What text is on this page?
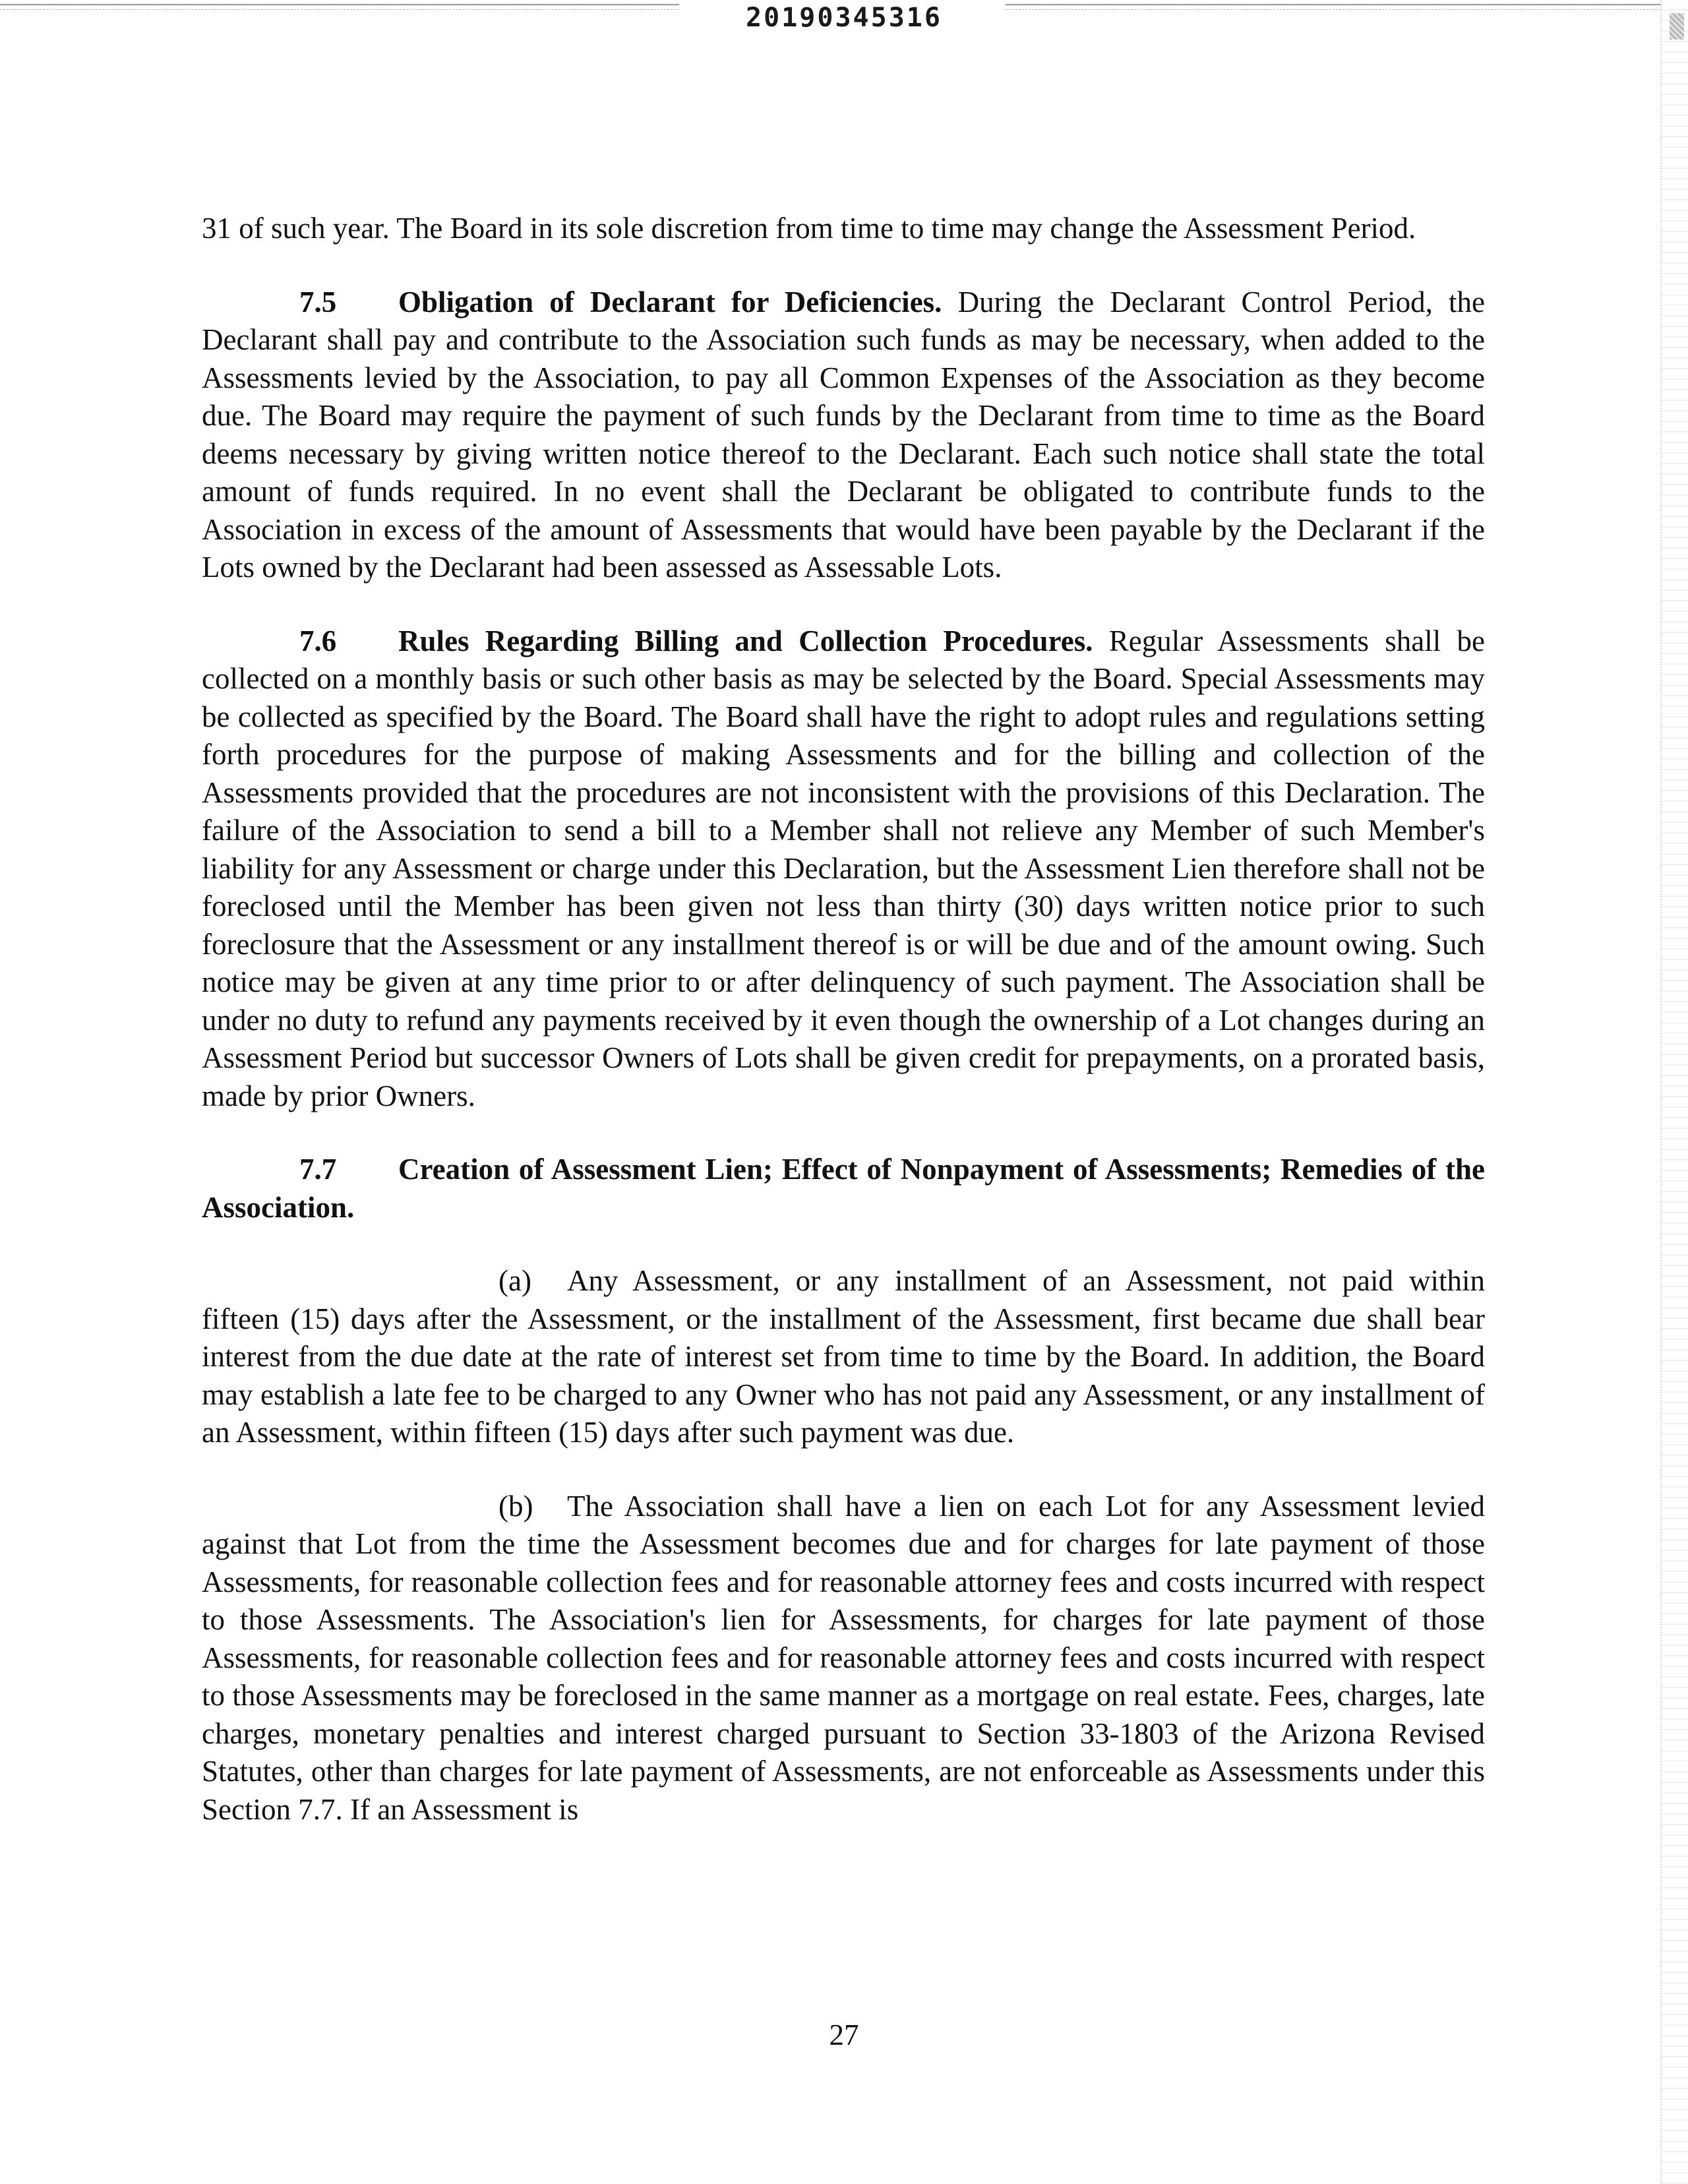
20190345316

31 of such year. The Board in its sole discretion from time to time may change the Assessment Period.

7.5 Obligation of Declarant for Deficiencies. During the Declarant Control Period, the Declarant shall pay and contribute to the Association such funds as may be necessary, when added to the Assessments levied by the Association, to pay all Common Expenses of the Association as they become due. The Board may require the payment of such funds by the Declarant from time to time as the Board deems necessary by giving written notice thereof to the Declarant. Each such notice shall state the total amount of funds required. In no event shall the Declarant be obligated to contribute funds to the Association in excess of the amount of Assessments that would have been payable by the Declarant if the Lots owned by the Declarant had been assessed as Assessable Lots.

7.6 Rules Regarding Billing and Collection Procedures. Regular Assessments shall be collected on a monthly basis or such other basis as may be selected by the Board. Special Assessments may be collected as specified by the Board. The Board shall have the right to adopt rules and regulations setting forth procedures for the purpose of making Assessments and for the billing and collection of the Assessments provided that the procedures are not inconsistent with the provisions of this Declaration. The failure of the Association to send a bill to a Member shall not relieve any Member of such Member's liability for any Assessment or charge under this Declaration, but the Assessment Lien therefore shall not be foreclosed until the Member has been given not less than thirty (30) days written notice prior to such foreclosure that the Assessment or any installment thereof is or will be due and of the amount owing. Such notice may be given at any time prior to or after delinquency of such payment. The Association shall be under no duty to refund any payments received by it even though the ownership of a Lot changes during an Assessment Period but successor Owners of Lots shall be given credit for prepayments, on a prorated basis, made by prior Owners.

7.7 Creation of Assessment Lien; Effect of Nonpayment of Assessments; Remedies of the Association.

(a) Any Assessment, or any installment of an Assessment, not paid within fifteen (15) days after the Assessment, or the installment of the Assessment, first became due shall bear interest from the due date at the rate of interest set from time to time by the Board. In addition, the Board may establish a late fee to be charged to any Owner who has not paid any Assessment, or any installment of an Assessment, within fifteen (15) days after such payment was due.

(b) The Association shall have a lien on each Lot for any Assessment levied against that Lot from the time the Assessment becomes due and for charges for late payment of those Assessments, for reasonable collection fees and for reasonable attorney fees and costs incurred with respect to those Assessments. The Association's lien for Assessments, for charges for late payment of those Assessments, for reasonable collection fees and for reasonable attorney fees and costs incurred with respect to those Assessments may be foreclosed in the same manner as a mortgage on real estate. Fees, charges, late charges, monetary penalties and interest charged pursuant to Section 33-1803 of the Arizona Revised Statutes, other than charges for late payment of Assessments, are not enforceable as Assessments under this Section 7.7. If an Assessment is

27
